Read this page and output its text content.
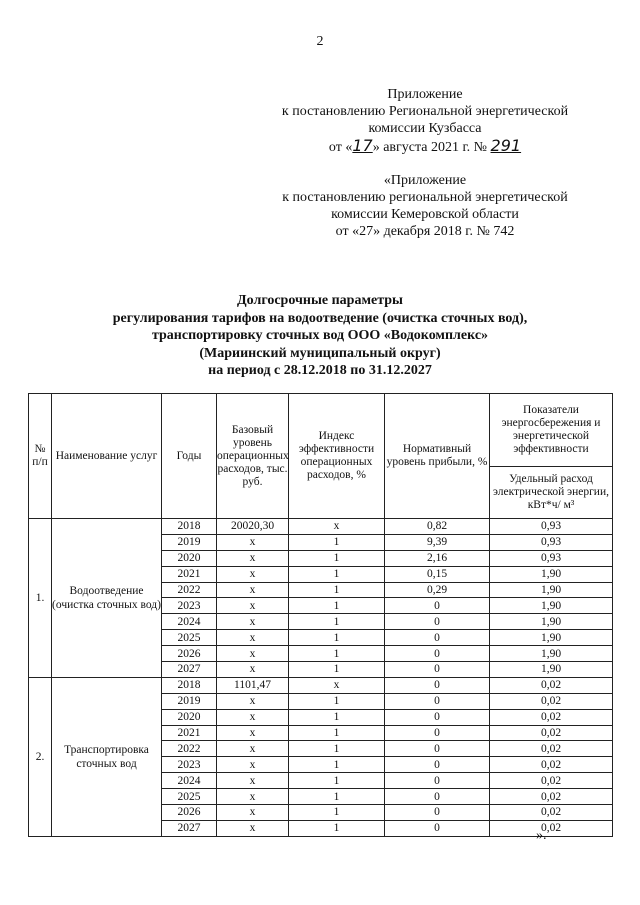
2
Приложение
к постановлению Региональной энергетической
комиссии Кузбасса
от «17» августа 2021 г. № 291
«Приложение
к постановлению региональной энергетической
комиссии Кемеровской области
от «27» декабря 2018 г. № 742
Долгосрочные параметры
регулирования тарифов на водоотведение (очистка сточных вод),
транспортировку сточных вод ООО «Водокомплекс»
(Мариинский муниципальный округ)
на период с 28.12.2018 по 31.12.2027
№ п/п	Наименование услуг	Годы	Базовый уровень операционных расходов, тыс. руб.	Индекс эффективности операционных расходов, %	Нормативный уровень прибыли, %	Показатели энергосбережения и энергетической эффективности
						Удельный расход электрической энергии, кВт*ч/ м³
1.	Водоотведение (очистка сточных вод)	2018	20020,30	х	0,82	0,93
		2019	х	1	9,39	0,93
		2020	х	1	2,16	0,93
		2021	х	1	0,15	1,90
		2022	х	1	0,29	1,90
		2023	х	1	0	1,90
		2024	х	1	0	1,90
		2025	х	1	0	1,90
		2026	х	1	0	1,90
		2027	х	1	0	1,90
2.	Транспортировка сточных вод	2018	1101,47	х	0	0,02
		2019	х	1	0	0,02
		2020	х	1	0	0,02
		2021	х	1	0	0,02
		2022	х	1	0	0,02
		2023	х	1	0	0,02
		2024	х	1	0	0,02
		2025	х	1	0	0,02
		2026	х	1	0	0,02
		2027	х	1	0	0,02
».
